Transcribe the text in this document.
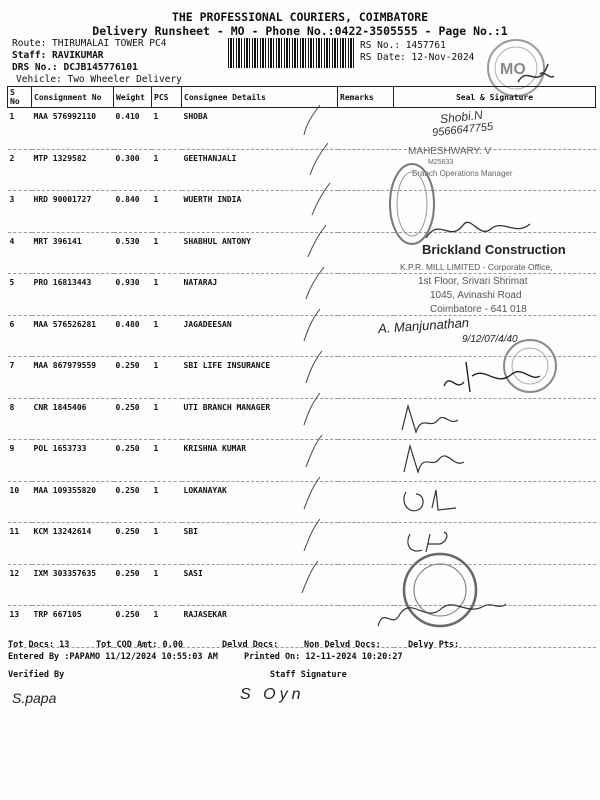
THE PROFESSIONAL COURIERS, COIMBATORE
Delivery Runsheet - MO - Phone No.:0422-3505555 - Page No.:1
Route: THIRUMALAI TOWER PC4
Staff: RAVIKUMAR
DRS No.: DCJB145776101
Vehicle: Two Wheeler Delivery
RS No.: 1457761
RS Date: 12-Nov-2024
MO
S No	Consignment No	Weight	PCS	Consignee Details	Remarks	Seal & Signature
1	MAA 576992110	0.410	1	SHOBA		
2	MTP 1329582	0.300	1	GEETHANJALI		
3	HRD 90001727	0.840	1	WUERTH INDIA		
4	MRT 396141	0.530	1	SHABHUL ANTONY		
5	PRO 16813443	0.930	1	NATARAJ		
6	MAA 576526281	0.480	1	JAGADEESAN		
7	MAA 867979559	0.250	1	SBI LIFE INSURANCE		
8	CNR 1845406	0.250	1	UTI BRANCH MANAGER		
9	POL 1653733	0.250	1	KRISHNA KUMAR		
10	MAA 109355820	0.250	1	LOKANAYAK		
11	KCM 13242614	0.250	1	SBI		
12	IXM 303357635	0.250	1	SASI		
13	TRP 667105	0.250	1	RAJASEKAR		
Shobi.N
9566647755
MAHESHWARY. V
M25633
Branch Operations Manager
Brickland Construction
K.P.R. MILL LIMITED - Corporate Office,
1st Floor, Srivari Shrimat
1045, Avinashi Road
Coimbatore - 641 018
A. Manjunathan
9/12/07/4/40
Tot Docs: 13	Tot COD Amt: 0.00	Delvd Docs:	Non Delvd Docs:	Delvy Pts:
Entered By :PAPAMO 11/12/2024 10:55:03 AM	Printed On: 12-11-2024 10:20:27
Verified By	Staff Signature
S.papa	S Oyn
